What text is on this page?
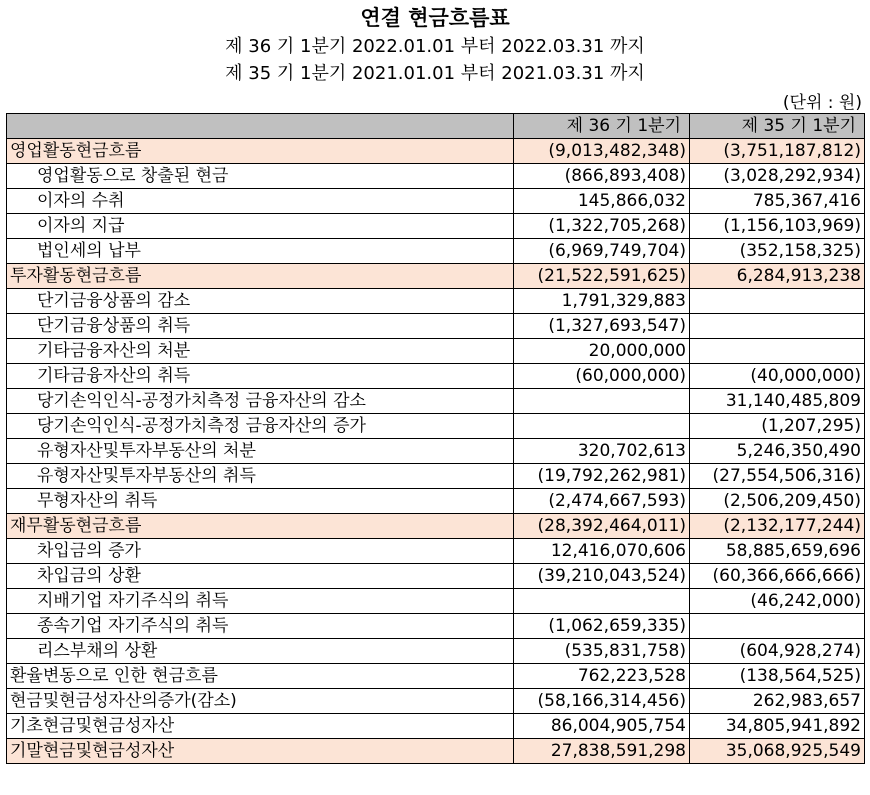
연결 현금흐름표
제 36 기 1분기 2022.01.01 부터 2022.03.31 까지
제 35 기 1분기 2021.01.01 부터 2021.03.31 까지
(단위 : 원)
	제 36 기 1분기	제 35 기 1분기
영업활동현금흐름	(9,013,482,348)	(3,751,187,812)
영업활동으로 창출된 현금	(866,893,408)	(3,028,292,934)
이자의 수취	145,866,032	785,367,416
이자의 지급	(1,322,705,268)	(1,156,103,969)
법인세의 납부	(6,969,749,704)	(352,158,325)
투자활동현금흐름	(21,522,591,625)	6,284,913,238
단기금융상품의 감소	1,791,329,883	
단기금융상품의 취득	(1,327,693,547)	
기타금융자산의 처분	20,000,000	
기타금융자산의 취득	(60,000,000)	(40,000,000)
당기손익인식-공정가치측정 금융자산의 감소		31,140,485,809
당기손익인식-공정가치측정 금융자산의 증가		(1,207,295)
유형자산및투자부동산의 처분	320,702,613	5,246,350,490
유형자산및투자부동산의 취득	(19,792,262,981)	(27,554,506,316)
무형자산의 취득	(2,474,667,593)	(2,506,209,450)
재무활동현금흐름	(28,392,464,011)	(2,132,177,244)
차입금의 증가	12,416,070,606	58,885,659,696
차입금의 상환	(39,210,043,524)	(60,366,666,666)
지배기업 자기주식의 취득		(46,242,000)
종속기업 자기주식의 취득	(1,062,659,335)	
리스부채의 상환	(535,831,758)	(604,928,274)
환율변동으로 인한 현금흐름	762,223,528	(138,564,525)
현금및현금성자산의증가(감소)	(58,166,314,456)	262,983,657
기초현금및현금성자산	86,004,905,754	34,805,941,892
기말현금및현금성자산	27,838,591,298	35,068,925,549
